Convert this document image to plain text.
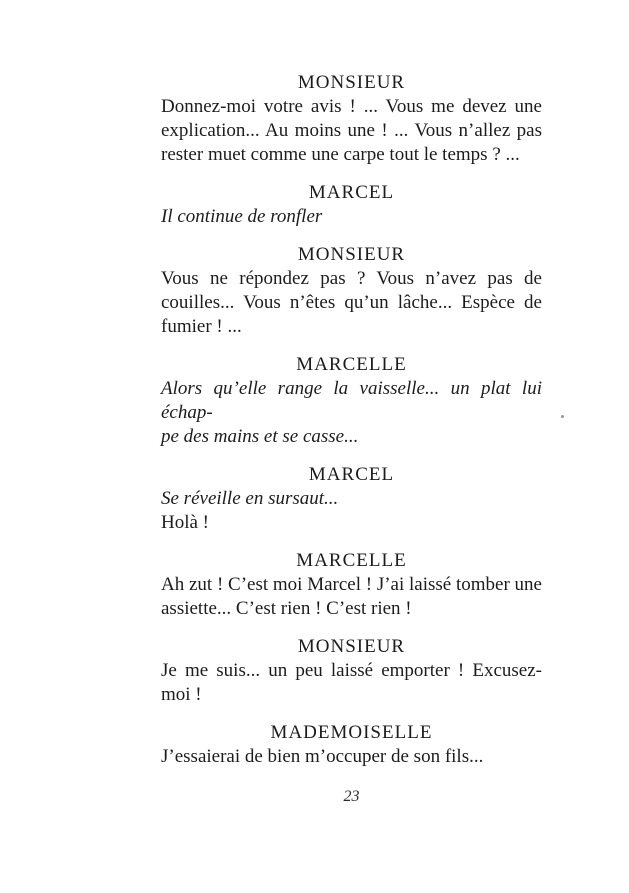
MONSIEUR
Donnez-moi votre avis ! ... Vous me devez une
explication... Au moins une ! ... Vous n’allez pas
rester muet comme une carpe tout le temps ? ...
MARCEL
Il continue de ronfler
MONSIEUR
Vous ne répondez pas ? Vous n’avez pas de
couilles... Vous n’êtes qu’un lâche... Espèce de
fumier ! ...
MARCELLE
Alors qu’elle range la vaisselle... un plat lui échap-
pe des mains et se casse...
MARCEL
Se réveille en sursaut...
Holà !
MARCELLE
Ah zut ! C’est moi Marcel ! J’ai laissé tomber une
assiette... C’est rien ! C’est rien !
MONSIEUR
Je me suis... un peu laissé emporter ! Excusez-
moi !
MADEMOISELLE
J’essaierai de bien m’occuper de son fils...
23
